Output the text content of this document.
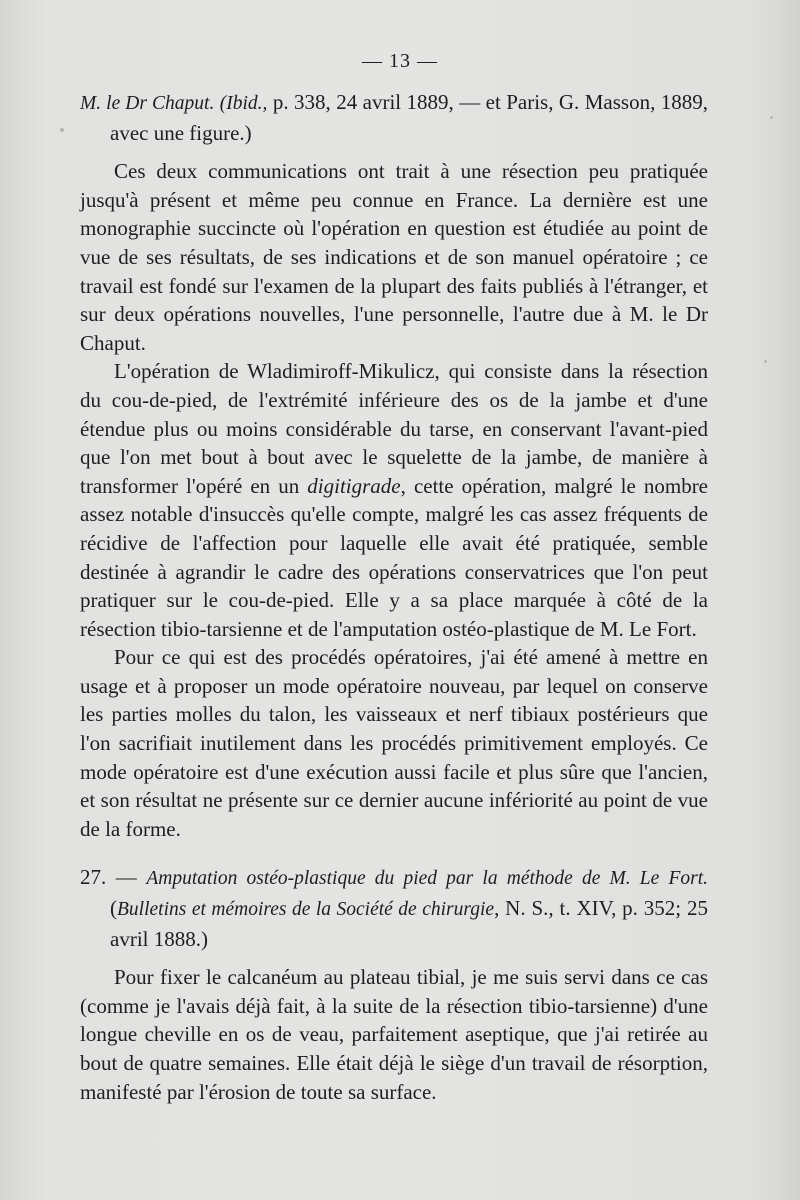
— 13 —

M. le Dr Chaput. (Ibid., p. 338, 24 avril 1889, — et Paris, G. Masson, 1889, avec une figure.)

Ces deux communications ont trait à une résection peu pratiquée jusqu'à présent et même peu connue en France. La dernière est une monographie succincte où l'opération en question est étudiée au point de vue de ses résultats, de ses indications et de son manuel opératoire ; ce travail est fondé sur l'examen de la plupart des faits publiés à l'étranger, et sur deux opérations nouvelles, l'une personnelle, l'autre due à M. le Dr Chaput.

L'opération de Wladimiroff-Mikulicz, qui consiste dans la résection du cou-de-pied, de l'extrémité inférieure des os de la jambe et d'une étendue plus ou moins considérable du tarse, en conservant l'avant-pied que l'on met bout à bout avec le squelette de la jambe, de manière à transformer l'opéré en un digitigrade, cette opération, malgré le nombre assez notable d'insuccès qu'elle compte, malgré les cas assez fréquents de récidive de l'affection pour laquelle elle avait été pratiquée, semble destinée à agrandir le cadre des opérations conservatrices que l'on peut pratiquer sur le cou-de-pied. Elle y a sa place marquée à côté de la résection tibio-tarsienne et de l'amputation ostéo-plastique de M. Le Fort.

Pour ce qui est des procédés opératoires, j'ai été amené à mettre en usage et à proposer un mode opératoire nouveau, par lequel on conserve les parties molles du talon, les vaisseaux et nerf tibiaux postérieurs que l'on sacrifiait inutilement dans les procédés primitivement employés. Ce mode opératoire est d'une exécution aussi facile et plus sûre que l'ancien, et son résultat ne présente sur ce dernier aucune infériorité au point de vue de la forme.

27. — Amputation ostéo-plastique du pied par la méthode de M. Le Fort. (Bulletins et mémoires de la Société de chirurgie, N. S., t. XIV, p. 352; 25 avril 1888.)

Pour fixer le calcanéum au plateau tibial, je me suis servi dans ce cas (comme je l'avais déjà fait, à la suite de la résection tibio-tarsienne) d'une longue cheville en os de veau, parfaitement aseptique, que j'ai retirée au bout de quatre semaines. Elle était déjà le siège d'un travail de résorption, manifesté par l'érosion de toute sa surface.
